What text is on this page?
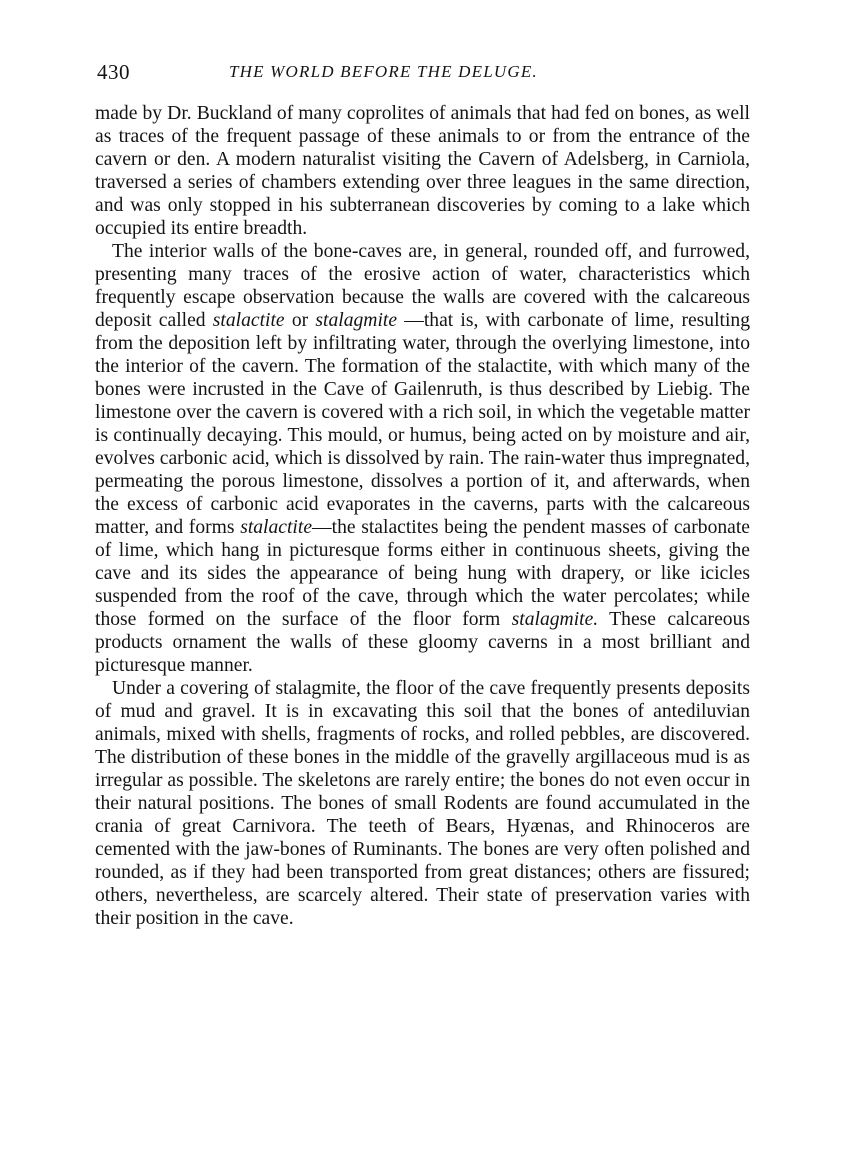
430	THE WORLD BEFORE THE DELUGE.

made by Dr. Buckland of many coprolites of animals that had fed on bones, as well as traces of the frequent passage of these animals to or from the entrance of the cavern or den. A modern naturalist visiting the Cavern of Adelsberg, in Carniola, traversed a series of chambers extending over three leagues in the same direction, and was only stopped in his subterranean discoveries by coming to a lake which occupied its entire breadth.

The interior walls of the bone-caves are, in general, rounded off, and furrowed, presenting many traces of the erosive action of water, characteristics which frequently escape observation because the walls are covered with the calcareous deposit called stalactite or stalagmite —that is, with carbonate of lime, resulting from the deposition left by infiltrating water, through the overlying limestone, into the interior of the cavern. The formation of the stalactite, with which many of the bones were incrusted in the Cave of Gailenruth, is thus described by Liebig. The limestone over the cavern is covered with a rich soil, in which the vegetable matter is continually decaying. This mould, or humus, being acted on by moisture and air, evolves carbonic acid, which is dissolved by rain. The rain-water thus impregnated, permeating the porous limestone, dissolves a portion of it, and afterwards, when the excess of carbonic acid evaporates in the caverns, parts with the calcareous matter, and forms stalactite—the stalactites being the pendent masses of carbonate of lime, which hang in picturesque forms either in continuous sheets, giving the cave and its sides the appearance of being hung with drapery, or like icicles suspended from the roof of the cave, through which the water percolates; while those formed on the surface of the floor form stalagmite. These calcareous products ornament the walls of these gloomy caverns in a most brilliant and picturesque manner.

Under a covering of stalagmite, the floor of the cave frequently presents deposits of mud and gravel. It is in excavating this soil that the bones of antediluvian animals, mixed with shells, fragments of rocks, and rolled pebbles, are discovered. The distribution of these bones in the middle of the gravelly argillaceous mud is as irregular as possible. The skeletons are rarely entire; the bones do not even occur in their natural positions. The bones of small Rodents are found accumulated in the crania of great Carnivora. The teeth of Bears, Hyænas, and Rhinoceros are cemented with the jaw-bones of Ruminants. The bones are very often polished and rounded, as if they had been transported from great distances; others are fissured; others, nevertheless, are scarcely altered. Their state of preservation varies with their position in the cave.
